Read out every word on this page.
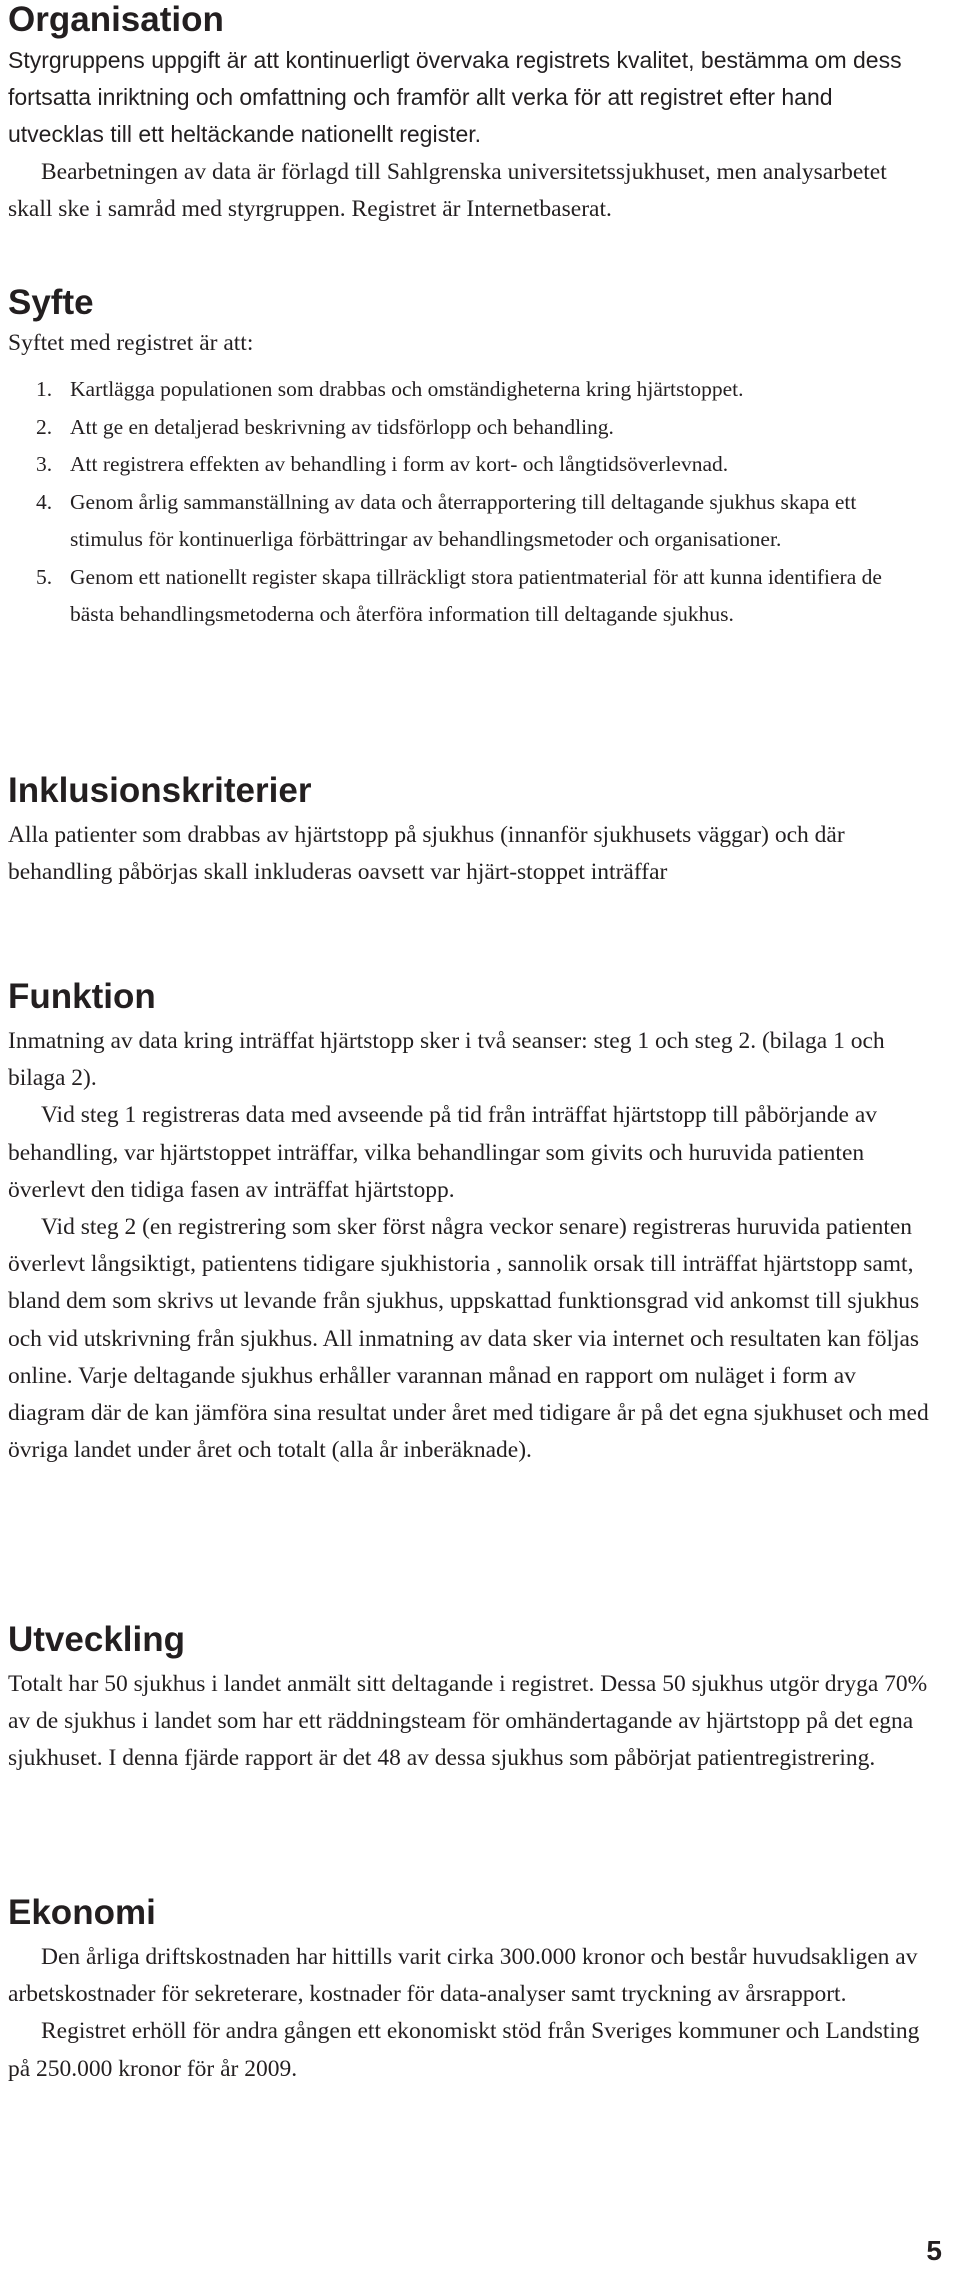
Organisation

Styrgruppens uppgift är att kontinuerligt övervaka registrets kvalitet, bestämma om dess fortsatta inriktning och omfattning och framför allt verka för att registret efter hand utvecklas till ett heltäckande nationellt register.

Bearbetningen av data är förlagd till Sahlgrenska universitetssjukhuset, men analysarbetet skall ske i samråd med styrgruppen. Registret är Internetbaserat.

Syfte

Syftet med registret är att:

1. Kartlägga populationen som drabbas och omständigheterna kring hjärtstoppet.
2. Att ge en detaljerad beskrivning av tidsförlopp och behandling.
3. Att registrera effekten av behandling i form av kort- och långtidsöverlevnad.
4. Genom årlig sammanställning av data och återrapportering till deltagande sjukhus skapa ett stimulus för kontinuerliga förbättringar av behandlingsmetoder och organisationer.
5. Genom ett nationellt register skapa tillräckligt stora patientmaterial för att kunna identifiera de bästa behandlingsmetoderna och återföra information till deltagande sjukhus.
Inklusionskriterier

Alla patienter som drabbas av hjärtstopp på sjukhus (innanför sjukhusets väggar) och där behandling påbörjas skall inkluderas oavsett var hjärt-stoppet inträffar

Funktion

Inmatning av data kring inträffat hjärtstopp sker i två seanser: steg 1 och steg 2. (bilaga 1 och bilaga 2).

Vid steg 1 registreras data med avseende på tid från inträffat hjärtstopp till påbörjande av behandling, var hjärtstoppet inträffar, vilka behandlingar som givits och huruvida patienten överlevt den tidiga fasen av inträffat hjärtstopp.

Vid steg 2 (en registrering som sker först några veckor senare) registreras huruvida patienten överlevt långsiktigt, patientens tidigare sjukhistoria , sannolik orsak till inträffat hjärtstopp samt, bland dem som skrivs ut levande från sjukhus, uppskattad funktionsgrad vid ankomst till sjukhus och vid utskrivning från sjukhus. All inmatning av data sker via internet och resultaten kan följas online. Varje deltagande sjukhus erhåller varannan månad en rapport om nuläget i form av diagram där de kan jämföra sina resultat under året med tidigare år på det egna sjukhuset och med övriga landet under året och totalt (alla år inberäknade).

Utveckling

Totalt har 50 sjukhus i landet anmält sitt deltagande i registret. Dessa 50 sjukhus utgör dryga 70% av de sjukhus i landet som har ett räddningsteam för omhändertagande av hjärtstopp på det egna sjukhuset. I denna fjärde rapport är det 48 av dessa sjukhus som påbörjat patientregistrering.

Ekonomi

Den årliga driftskostnaden har hittills varit cirka 300.000 kronor och består huvudsakligen av arbetskostnader för sekreterare, kostnader för data-analyser samt tryckning av årsrapport.

Registret erhöll för andra gången ett ekonomiskt stöd från Sveriges kommuner och Landsting på 250.000 kronor för år 2009.

5
